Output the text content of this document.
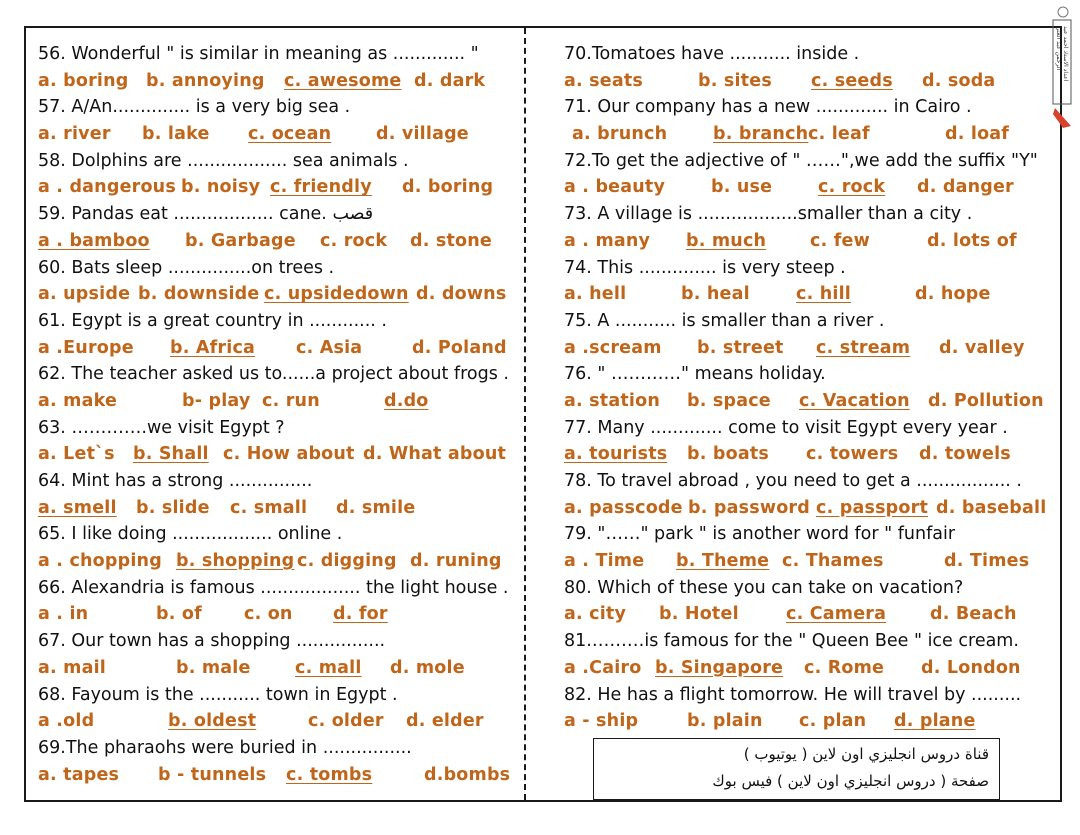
اعداد الاستاذ احمد عبد الرحمن عبد الغني
56. Wonderful " is similar in meaning as ............. "
a. boring b. annoying c. awesome d. dark
57. A/An.............. is a very big sea .
a. river b. lake c. ocean	d. village
58. Dolphins are .................. sea animals .
a . dangerous b. noisy c. friendly d. boring
59. Pandas eat .................. cane. قصب
a . bamboo b. Garbage c. rock d. stone
60. Bats sleep ...............on trees .
a. upside b. downside c. upsidedown d. downs
61. Egypt is a great country in ............ .
a .Europe b. Africa c. Asia	d. Poland
62. The teacher asked us to......a project about frogs .
a. make	b- play c. run	d.do
63. ………….we visit Egypt ?
a. Let`s b. Shall c. How about d. What about
64. Mint has a strong ...............
a. smell b. slide c. small d. smile
65. I like doing .................. online .
a . chopping b. shopping c. digging d. runing
66. Alexandria is famous .................. the light house .
a . in	b. of c. on d. for
67. Our town has a shopping ................
a. mail	b. male	c. mall d. mole
68. Fayoum is the ........... town in Egypt .
a .old	b. oldest	c. older d. elder
69.The pharaohs were buried in ................
a. tapes b - tunnels c. tombs	d.bombs
70.Tomatoes have ........... inside .
a. seats	b. sites c. seeds d. soda
71. Our company has a new ............. in Cairo .
a. brunch	b. branch c. leaf	d. loaf
72.To get the adjective of " ……",we add the suffix "Y"
a . beauty	b. use	c. rock d. danger
73. A village is ..................smaller than a city .
a . many b. much	c. few	d. lots of
74. This .............. is very steep .
a. hell	b. heal	c. hill	d. hope
75. A ........... is smaller than a river .
a .scream b. street c. stream d. valley
76. " …………" means holiday.
a. station b. space c. Vacation d. Pollution
77. Many ............. come to visit Egypt every year .
a. tourists b. boats c. towers d. towels
78. To travel abroad , you need to get a ................. .
a. passcode b. password c. passport d. baseball
79. "……" park " is another word for " funfair
a . Time b. Theme c. Thames	d. Times
80. Which of these you can take on vacation?
a. city b. Hotel	c. Camera	d. Beach
81.………is famous for the " Queen Bee " ice cream.
a .Cairo b. Singapore c. Rome d. London
82. He has a flight tomorrow. He will travel by .........
a - ship	b. plain c. plan d. plane
قناة دروس انجليزي اون لاين ( يوتيوب )
صفحة ( دروس انجليزي اون لاين ) فيس بوك
